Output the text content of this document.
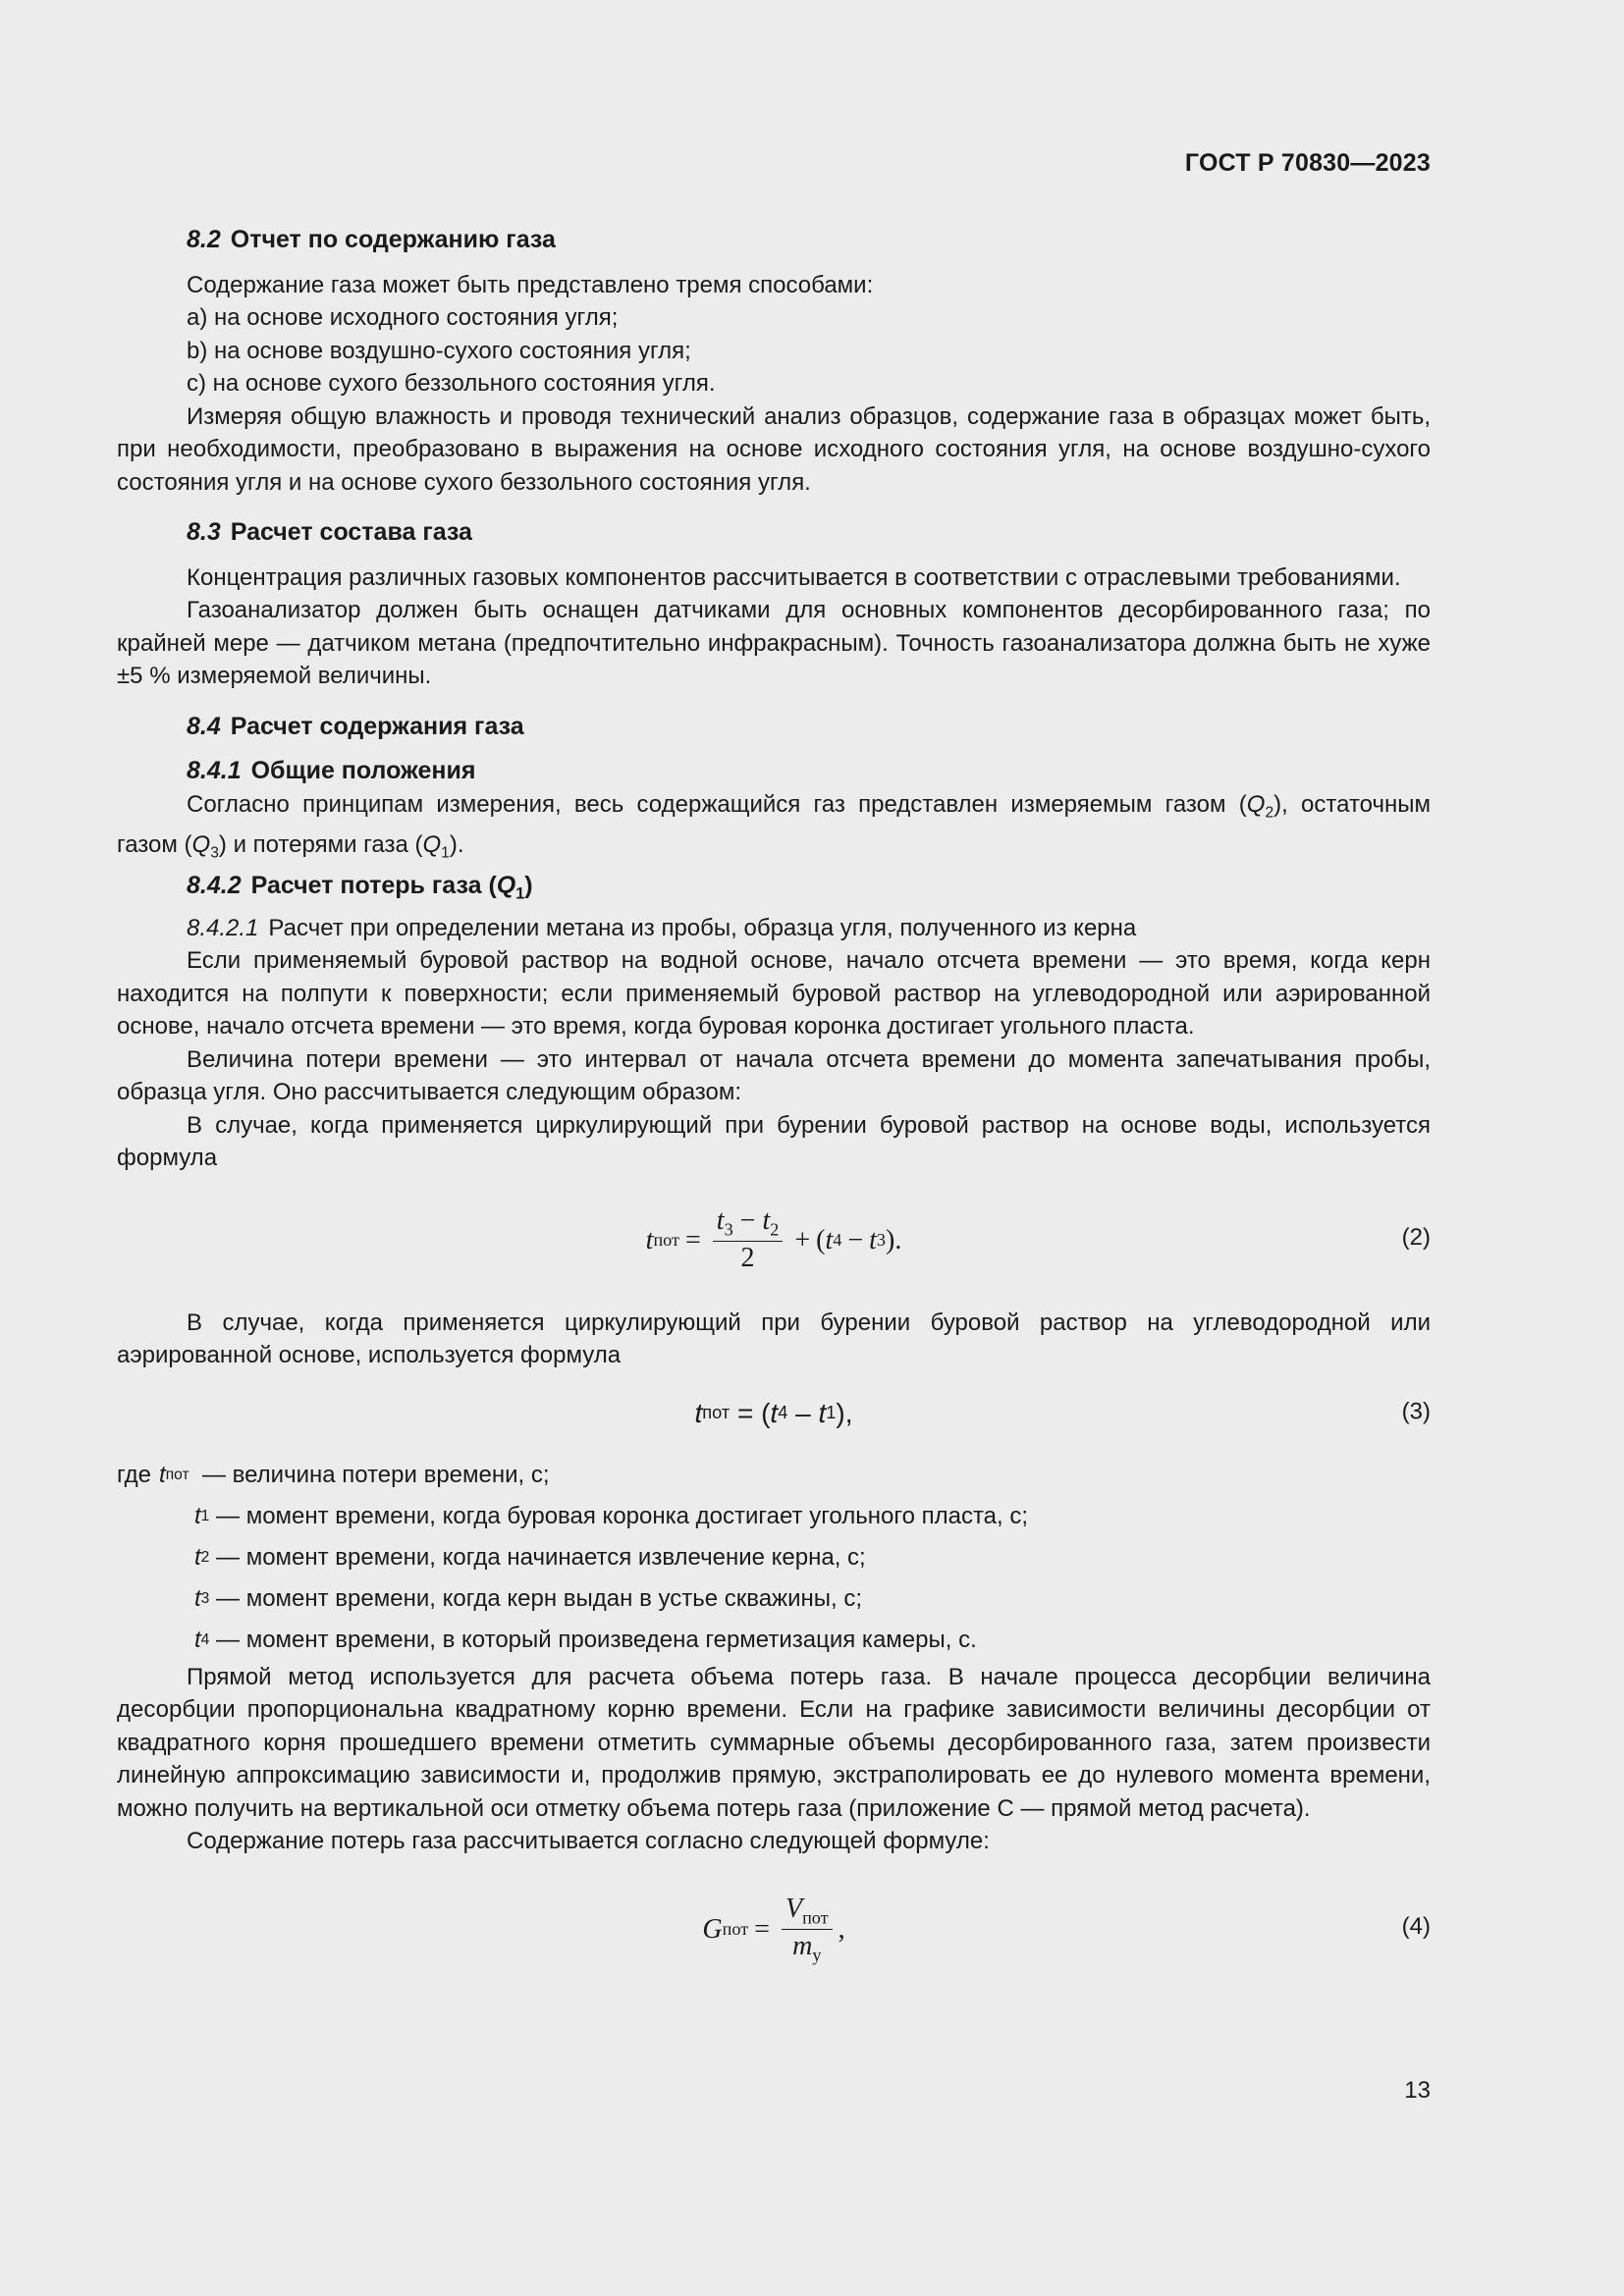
ГОСТ Р 70830—2023
8.2 Отчет по содержанию газа

Содержание газа может быть представлено тремя способами:

a) на основе исходного состояния угля;

b) на основе воздушно-сухого состояния угля;

c) на основе сухого беззольного состояния угля.

Измеряя общую влажность и проводя технический анализ образцов, содержание газа в образцах может быть, при необходимости, преобразовано в выражения на основе исходного состояния угля, на основе воздушно-сухого состояния угля и на основе сухого беззольного состояния угля.

8.3 Расчет состава газа

Концентрация различных газовых компонентов рассчитывается в соответствии с отраслевыми требованиями.

Газоанализатор должен быть оснащен датчиками для основных компонентов десорбированного газа; по крайней мере — датчиком метана (предпочтительно инфракрасным). Точность газоанализатора должна быть не хуже ±5 % измеряемой величины.

8.4 Расчет содержания газа
8.4.1 Общие положения

Согласно принципам измерения, весь содержащийся газ представлен измеряемым газом $(Q_2)$, остаточным газом $(Q_3)$ и потерями газа $(Q_1)$.

8.4.2 Расчет потерь газа $(Q_1)$

8.4.2.1 Расчет при определении метана из пробы, образца угля, полученного из керна

Если применяемый буровой раствор на водной основе, начало отсчета времени — это время, когда керн находится на полпути к поверхности; если применяемый буровой раствор на углеводородной или аэрированной основе, начало отсчета времени — это время, когда буровая коронка достигает угольного пласта.

Величина потери времени — это интервал от начала отсчета времени до момента запечатывания пробы, образца угля. Оно рассчитывается следующим образом:

В случае, когда применяется циркулирующий при бурении буровой раствор на основе воды, используется формула

t пот = $\frac{t_3 - t_2}{2}$ + ( t 4 − t 3 ).	(2)

В случае, когда применяется циркулирующий при бурении буровой раствор на углеводородной или аэрированной основе, используется формула

t пот = ( t 4 – t 1 ),	(3)
где t пот
— величина потери времени, с;
t 1
— момент времени, когда буровая коронка достигает угольного пласта, с;
t 2
— момент времени, когда начинается извлечение керна, с;
t 3
— момент времени, когда керн выдан в устье скважины, с;
t 4
— момент времени, в который произведена герметизация камеры, с.

Прямой метод используется для расчета объема потерь газа. В начале процесса десорбции величина десорбции пропорциональна квадратному корню времени. Если на графике зависимости величины десорбции от квадратного корня прошедшего времени отметить суммарные объемы десорбированного газа, затем произвести линейную аппроксимацию зависимости и, продолжив прямую, экстраполировать ее до нулевого момента времени, можно получить на вертикальной оси отметку объема потерь газа (приложение С — прямой метод расчета).

Содержание потерь газа рассчитывается согласно следующей формуле:

G пот = $\frac{V_{пот}}{m_у}$ ,	(4)
13
